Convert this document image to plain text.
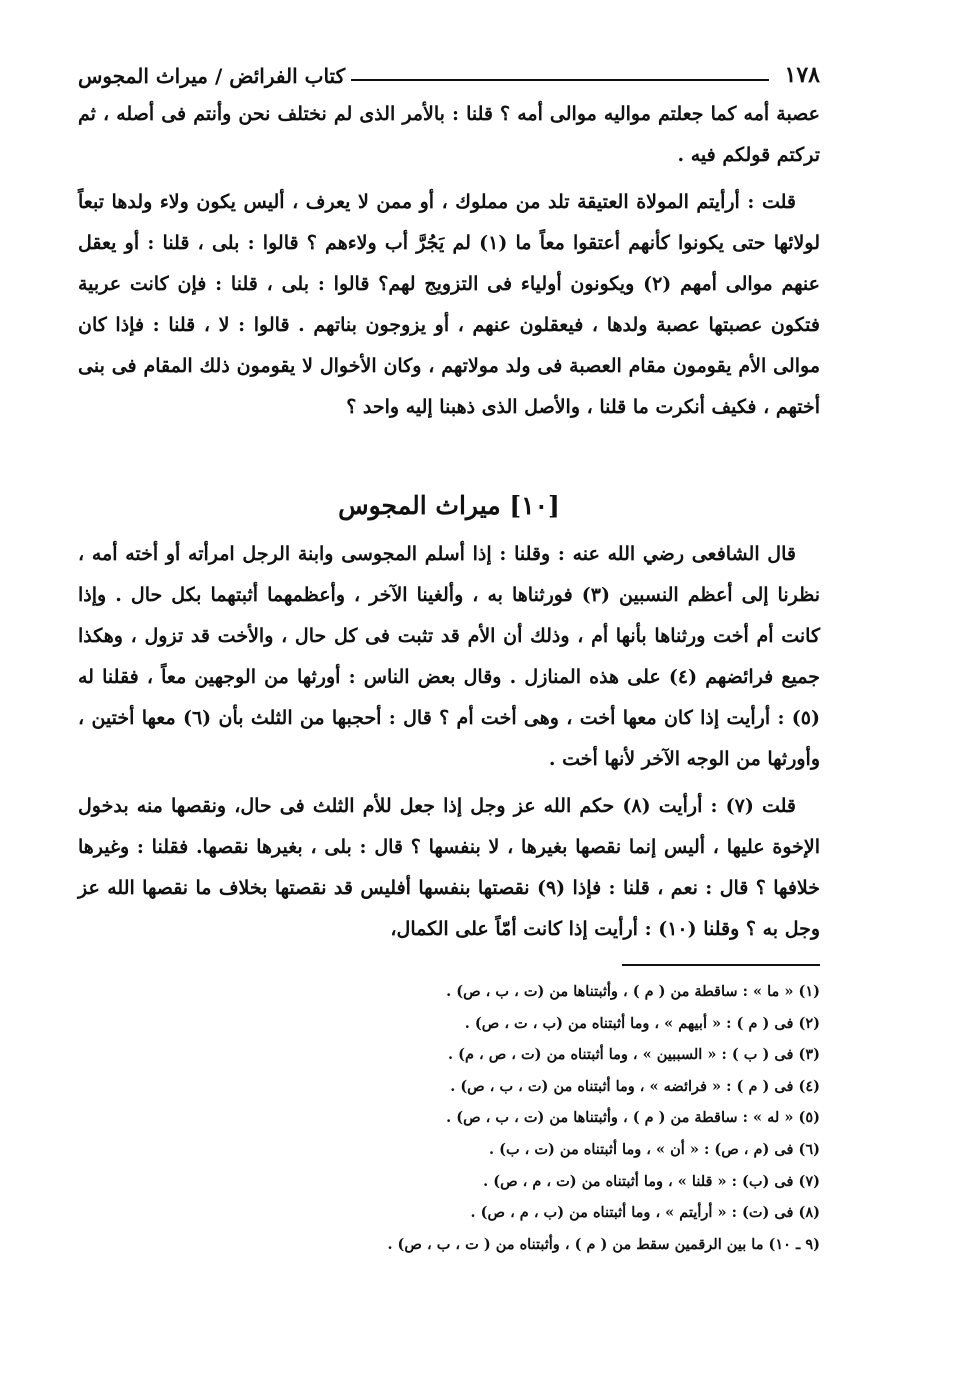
١٧٨
كتاب الفرائض / ميراث المجوس

عصبة أمه كما جعلتم مواليه موالى أمه ؟ قلنا : بالأمر الذى لم نختلف نحن وأنتم فى أصله ، ثم تركتم قولكم فيه .

قلت : أرأيتم المولاة العتيقة تلد من مملوك ، أو ممن لا يعرف ، أليس يكون ولاء ولدها تبعاً لولائها حتى يكونوا كأنهم أعتقوا معاً ما (١) لم يَجُرَّ أب ولاءهم ؟ قالوا : بلى ، قلنا : أو يعقل عنهم موالى أمهم (٢) ويكونون أولياء فى التزويج لهم؟ قالوا : بلى ، قلنا : فإن كانت عربية فتكون عصبتها عصبة ولدها ، فيعقلون عنهم ، أو يزوجون بناتهم . قالوا : لا ، قلنا : فإذا كان موالى الأم يقومون مقام العصبة فى ولد مولاتهم ، وكان الأخوال لا يقومون ذلك المقام فى بنى أختهم ، فكيف أنكرت ما قلنا ، والأصل الذى ذهبنا إليه واحد ؟

[١٠] ميراث المجوس

قال الشافعى رضي الله عنه : وقلنا : إذا أسلم المجوسى وابنة الرجل امرأته أو أخته أمه ، نظرنا إلى أعظم النسبين (٣) فورثناها به ، وألغينا الآخر ، وأعظمهما أثبتهما بكل حال . وإذا كانت أم أخت ورثناها بأنها أم ، وذلك أن الأم قد تثبت فى كل حال ، والأخت قد تزول ، وهكذا جميع فرائضهم (٤) على هذه المنازل . وقال بعض الناس : أورثها من الوجهين معاً ، فقلنا له (٥) : أرأيت إذا كان معها أخت ، وهى أخت أم ؟ قال : أحجبها من الثلث بأن (٦) معها أختين ، وأورثها من الوجه الآخر لأنها أخت .

قلت (٧) : أرأيت (٨) حكم الله عز وجل إذا جعل للأم الثلث فى حال، ونقصها منه بدخول الإخوة عليها ، أليس إنما نقصها بغيرها ، لا بنفسها ؟ قال : بلى ، بغيرها نقصها. فقلنا : وغيرها خلافها ؟ قال : نعم ، قلنا : فإذا (٩) نقصتها بنفسها أفليس قد نقصتها بخلاف ما نقصها الله عز وجل به ؟ وقلنا (١٠) : أرأيت إذا كانت أمّاً على الكمال،

(١) « ما » : ساقطة من ( م ) ، وأثبتناها من (ت ، ب ، ص) .
(٢) فى ( م ) : « أبيهم » ، وما أثبتناه من (ب ، ت ، ص) .
(٣) فى ( ب ) : « السببين » ، وما أثبتناه من (ت ، ص ، م) .
(٤) فى ( م ) : « فرائضه » ، وما أثبتناه من (ت ، ب ، ص) .
(٥) « له » : ساقطة من ( م ) ، وأثبتناها من (ت ، ب ، ص) .
(٦) فى (م ، ص) : « أن » ، وما أثبتناه من (ت ، ب) .
(٧) فى (ب) : « قلنا » ، وما أثبتناه من (ت ، م ، ص) .
(٨) فى (ت) : « أرأيتم » ، وما أثبتناه من (ب ، م ، ص) .
(٩ ـ ١٠) ما بين الرقمين سقط من ( م ) ، وأثبتناه من ( ت ، ب ، ص) .
